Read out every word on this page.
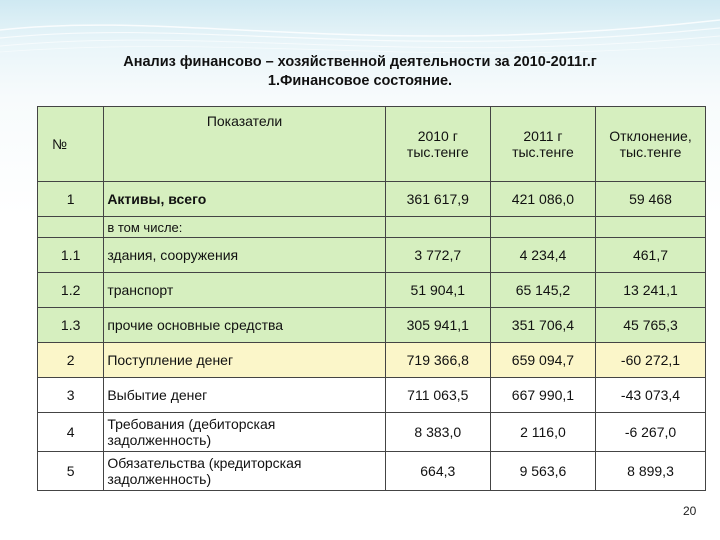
Анализ финансово – хозяйственной деятельности за 2010-2011г.г
1.Финансовое состояние.
№	Показатели	2010 г тыс.тенге	2011 г тыс.тенге	Отклонение, тыс.тенге
1	Активы, всего	361 617,9	421 086,0	59 468
	в том числе:			
1.1	здания, сооружения	3 772,7	4 234,4	461,7
1.2	транспорт	51 904,1	65 145,2	13 241,1
1.3	прочие основные средства	305 941,1	351 706,4	45 765,3
2	Поступление денег	719 366,8	659 094,7	-60 272,1
3	Выбытие денег	711 063,5	667 990,1	-43 073,4
4	Требования (дебиторская задолженность)	8 383,0	2 116,0	-6 267,0
5	Обязательства (кредиторская задолженность)	664,3	9 563,6	8 899,3
20
